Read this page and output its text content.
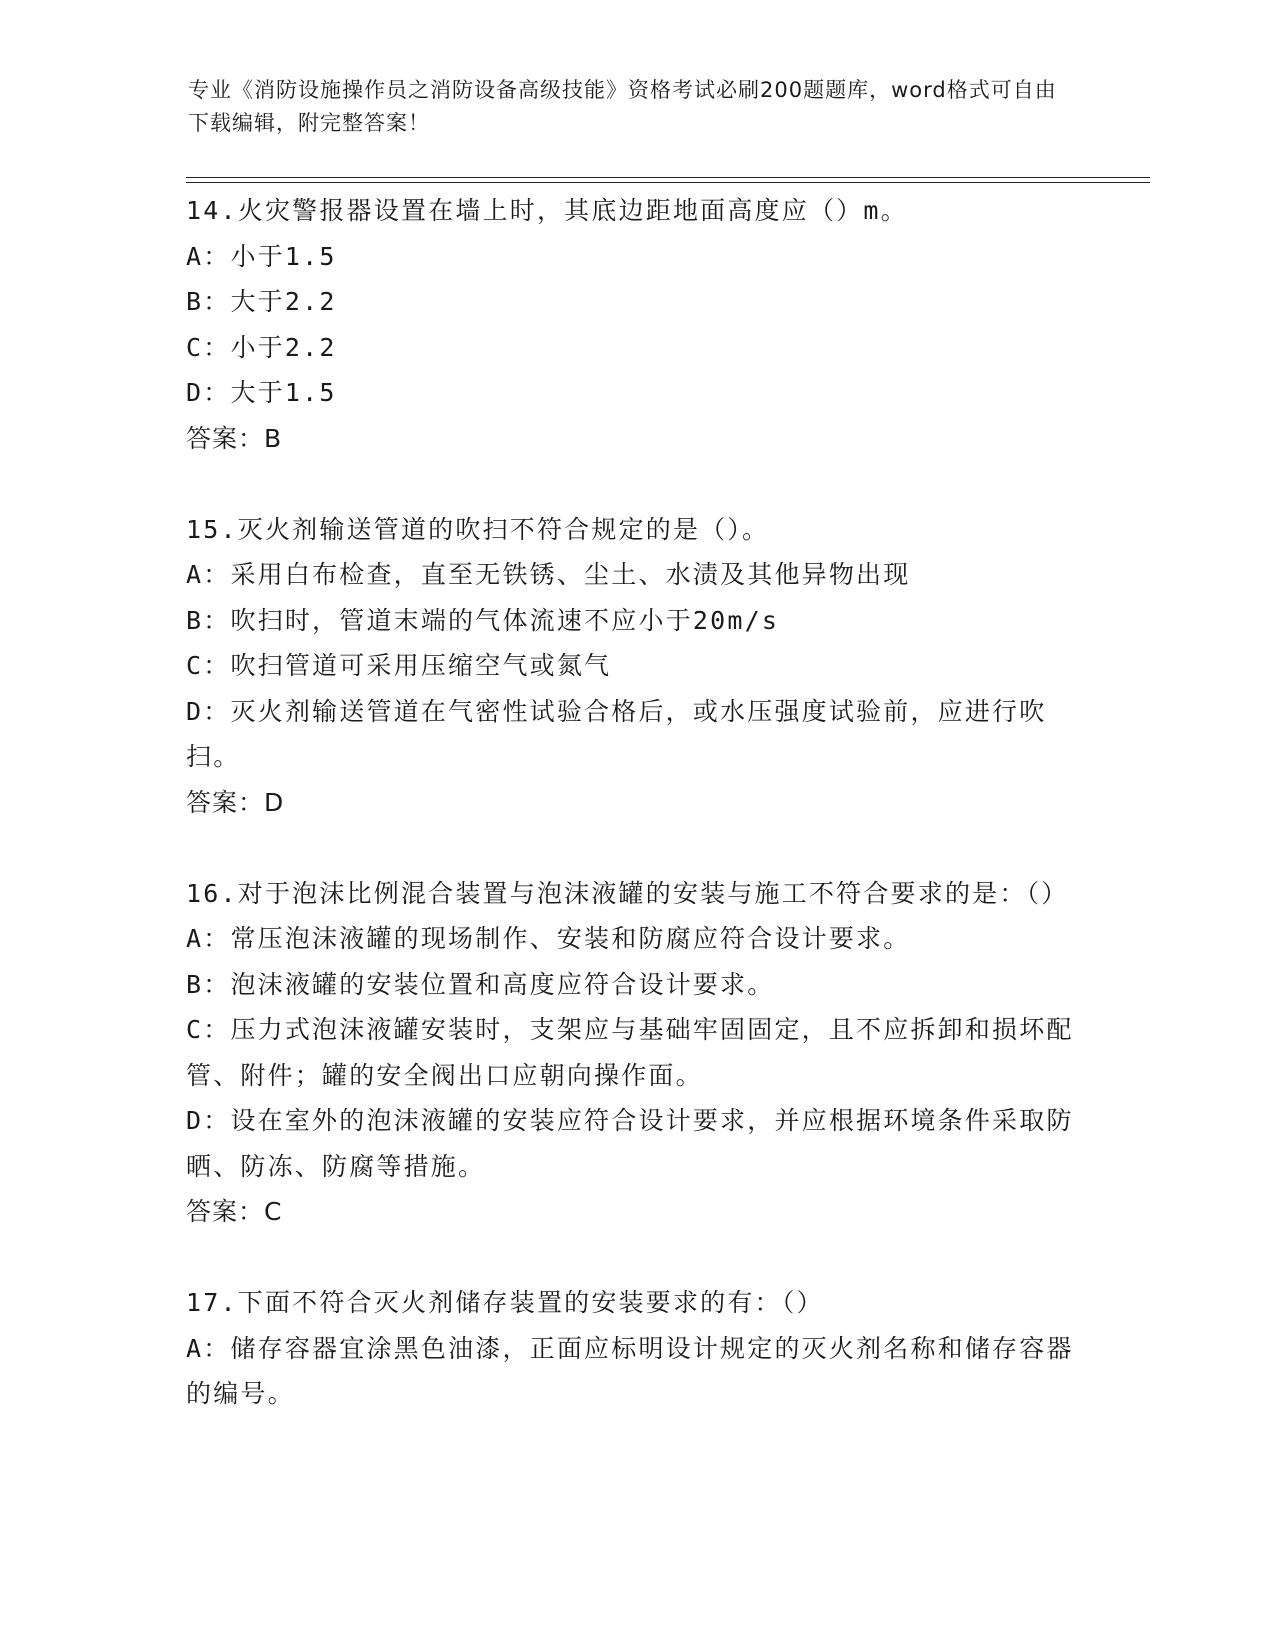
专业《消防设施操作员之消防设备高级技能》资格考试必刷200题题库，word格式可自由下载编辑，附完整答案！
14.火灾警报器设置在墙上时，其底边距地面高度应（）m。
A：小于1.5
B：大于2.2
C：小于2.2
D：大于1.5
答案：B
15.灭火剂输送管道的吹扫不符合规定的是（）。
A：采用白布检查，直至无铁锈、尘土、水渍及其他异物出现
B：吹扫时，管道末端的气体流速不应小于20m/s
C：吹扫管道可采用压缩空气或氮气
D：灭火剂输送管道在气密性试验合格后，或水压强度试验前，应进行吹扫。
答案：D
16.对于泡沫比例混合装置与泡沫液罐的安装与施工不符合要求的是：（）
A：常压泡沫液罐的现场制作、安装和防腐应符合设计要求。
B：泡沫液罐的安装位置和高度应符合设计要求。
C：压力式泡沫液罐安装时，支架应与基础牢固固定，且不应拆卸和损坏配管、附件；罐的安全阀出口应朝向操作面。
D：设在室外的泡沫液罐的安装应符合设计要求，并应根据环境条件采取防晒、防冻、防腐等措施。
答案：C
17.下面不符合灭火剂储存装置的安装要求的有：（）
A：储存容器宜涂黑色油漆，正面应标明设计规定的灭火剂名称和储存容器的编号。
